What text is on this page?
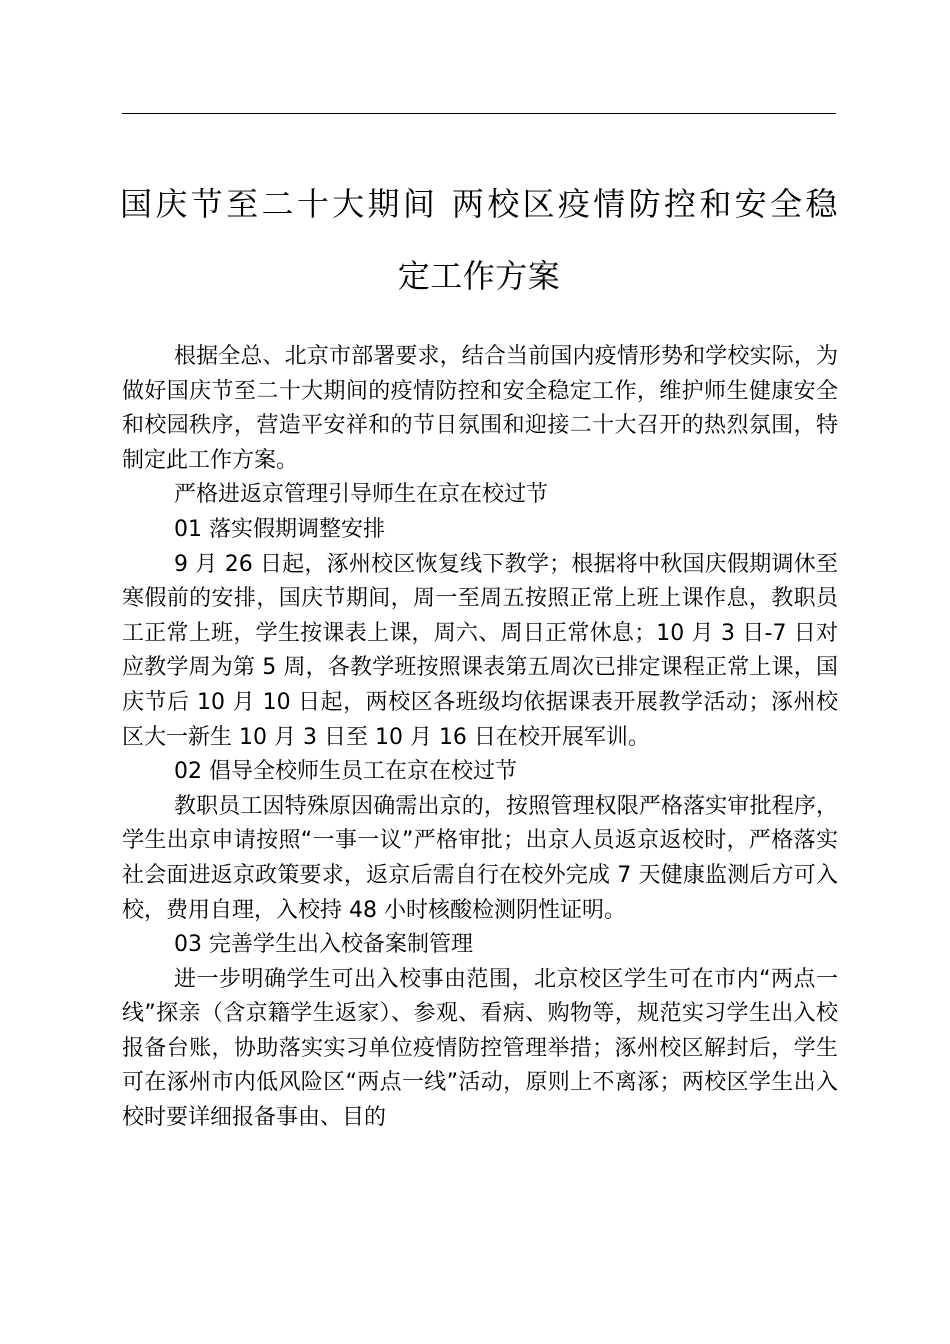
国庆节至二十大期间 两校区疫情防控和安全稳
定工作方案

根据全总、北京市部署要求，结合当前国内疫情形势和学校实际，为做好国庆节至二十大期间的疫情防控和安全稳定工作，维护师生健康安全和校园秩序，营造平安祥和的节日氛围和迎接二十大召开的热烈氛围，特制定此工作方案。

严格进返京管理引导师生在京在校过节

01 落实假期调整安排

9 月 26 日起，涿州校区恢复线下教学；根据将中秋国庆假期调休至寒假前的安排，国庆节期间，周一至周五按照正常上班上课作息，教职员工正常上班，学生按课表上课，周六、周日正常休息；10 月 3 日-7 日对应教学周为第 5 周，各教学班按照课表第五周次已排定课程正常上课，国庆节后 10 月 10 日起，两校区各班级均依据课表开展教学活动；涿州校区大一新生 10 月 3 日至 10 月 16 日在校开展军训。

02 倡导全校师生员工在京在校过节

教职员工因特殊原因确需出京的，按照管理权限严格落实审批程序，学生出京申请按照“一事一议”严格审批；出京人员返京返校时，严格落实社会面进返京政策要求，返京后需自行在校外完成 7 天健康监测后方可入校，费用自理，入校持 48 小时核酸检测阴性证明。

03 完善学生出入校备案制管理

进一步明确学生可出入校事由范围，北京校区学生可在市内“两点一线”探亲（含京籍学生返家）、参观、看病、购物等，规范实习学生出入校报备台账，协助落实实习单位疫情防控管理举措；涿州校区解封后，学生可在涿州市内低风险区“两点一线”活动，原则上不离涿；两校区学生出入校时要详细报备事由、目的
